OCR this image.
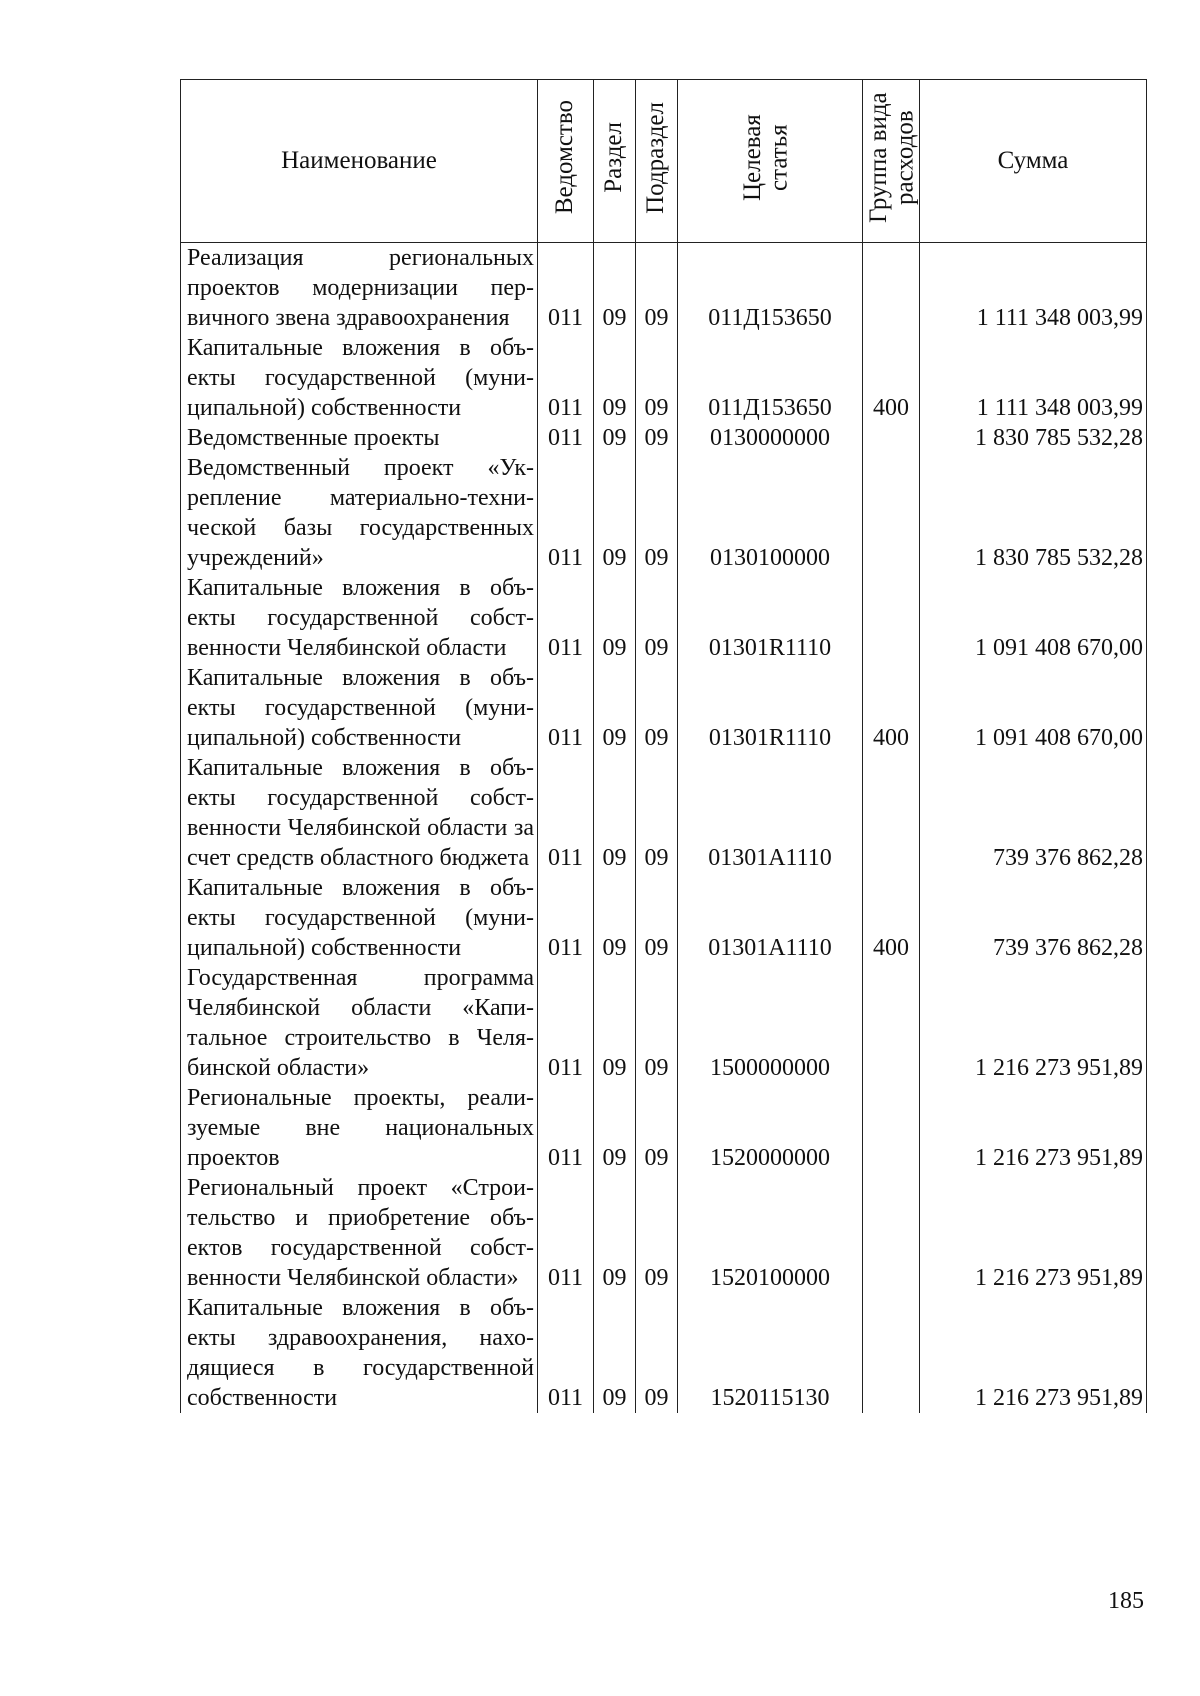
Наименование	Ведомство	Раздел	Подраздел	Целевая статья	Группа вида расходов	Сумма
Реализация региональных проектов модернизации первичного звена здравоохранения	011	09	09	011Д153650		1 111 348 003,99
Капитальные вложения в объекты государственной (муниципальной) собственности	011	09	09	011Д153650	400	1 111 348 003,99
Ведомственные проекты	011	09	09	0130000000		1 830 785 532,28
Ведомственный проект «Укрепление материально-технической базы государственных учреждений»	011	09	09	0130100000		1 830 785 532,28
Капитальные вложения в объекты государственной собственности Челябинской области	011	09	09	01301R1110		1 091 408 670,00
Капитальные вложения в объекты государственной (муниципальной) собственности	011	09	09	01301R1110	400	1 091 408 670,00
Капитальные вложения в объекты государственной собственности Челябинской области за счет средств областного бюджета	011	09	09	01301A1110		739 376 862,28
Капитальные вложения в объекты государственной (муниципальной) собственности	011	09	09	01301A1110	400	739 376 862,28
Государственная программа Челябинской области «Капитальное строительство в Челябинской области»	011	09	09	1500000000		1 216 273 951,89
Региональные проекты, реализуемые вне национальных проектов	011	09	09	1520000000		1 216 273 951,89
Региональный проект «Строительство и приобретение объектов государственной собственности Челябинской области»	011	09	09	1520100000		1 216 273 951,89
Капитальные вложения в объекты здравоохранения, находящиеся в государственной собственности	011	09	09	1520115130		1 216 273 951,89
185
